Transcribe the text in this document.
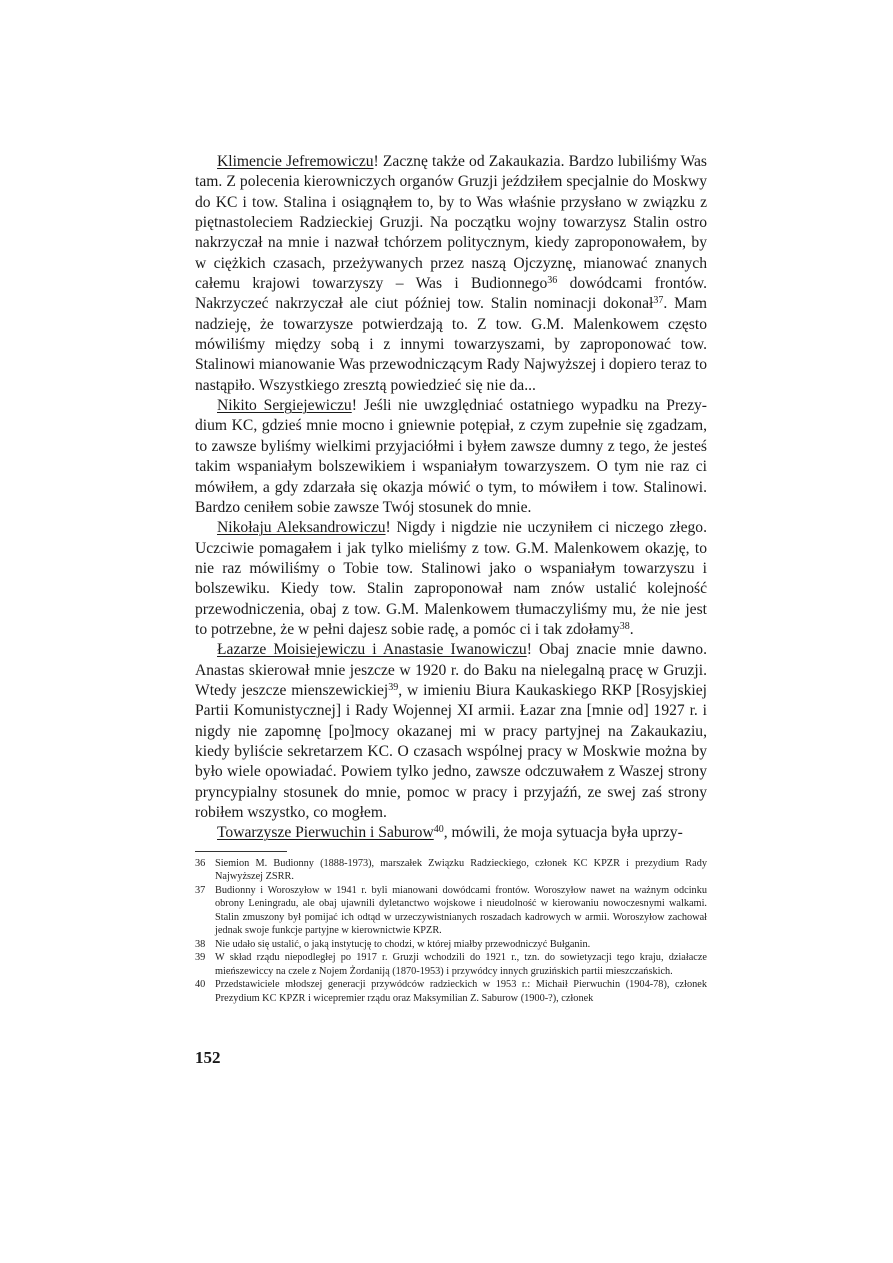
Klimencie Jefremowiczu! Zacznę także od Zakaukazia. Bardzo lubiliśmy Was tam. Z polecenia kierowniczych organów Gruzji jeździłem specjalnie do Moskwy do KC i tow. Stalina i osiągnąłem to, by to Was właśnie przysłano w związku z piętnastoleciem Radzieckiej Gruzji. Na początku wojny towarzysz Stalin ostro nakrzyczał na mnie i nazwał tchórzem politycznym, kiedy zaproponowałem, by w ciężkich czasach, przeżywanych przez naszą Ojczyznę, mianować znanych całemu krajowi towarzyszy – Was i Budionnego$^{36}$ dowódcami frontów. Nakrzyczeć nakrzyczał ale ciut później tow. Stalin nominacji dokonał$^{37}$. Mam nadzieję, że towarzysze potwierdzają to. Z tow. G.M. Malenkowem często mówiliśmy między sobą i z innymi towarzyszami, by zaproponować tow. Stalinowi mianowanie Was przewodniczącym Rady Najwyższej i dopiero teraz to nastąpiło. Wszystkiego zresztą powiedzieć się nie da...

Nikito Sergiejewiczu! Jeśli nie uwzględniać ostatniego wypadku na Prezydium KC, gdzieś mnie mocno i gniewnie potępiał, z czym zupełnie się zgadzam, to zawsze byliśmy wielkimi przyjaciółmi i byłem zawsze dumny z tego, że jesteś takim wspaniałym bolszewikiem i wspaniałym towarzyszem. O tym nie raz ci mówiłem, a gdy zdarzała się okazja mówić o tym, to mówiłem i tow. Stalinowi. Bardzo ceniłem sobie zawsze Twój stosunek do mnie.

Nikołaju Aleksandrowiczu! Nigdy i nigdzie nie uczyniłem ci niczego złego. Uczciwie pomagałem i jak tylko mieliśmy z tow. G.M. Malenkowem okazję, to nie raz mówiliśmy o Tobie tow. Stalinowi jako o wspaniałym towarzyszu i bolszewiku. Kiedy tow. Stalin zaproponował nam znów ustalić kolejność przewodniczenia, obaj z tow. G.M. Malenkowem tłumaczyliśmy mu, że nie jest to potrzebne, że w pełni dajesz sobie radę, a pomóc ci i tak zdołamy$^{38}$.

Łazarze Moisiejewiczu i Anastasie Iwanowiczu! Obaj znacie mnie dawno. Anastas skierował mnie jeszcze w 1920 r. do Baku na nielegalną pracę w Gruzji. Wtedy jeszcze mienszewickiej$^{39}$, w imieniu Biura Kaukaskiego RKP [Rosyjskiej Partii Komunistycznej] i Rady Wojennej XI armii. Łazar zna [mnie od] 1927 r. i nigdy nie zapomnę [po]mocy okazanej mi w pracy partyjnej na Zakaukaziu, kiedy byliście sekretarzem KC. O czasach wspólnej pracy w Moskwie można by było wiele opowiadać. Powiem tylko jedno, zawsze odczuwałem z Waszej strony pryncypialny stosunek do mnie, pomoc w pracy i przyjaźń, ze swej zaś strony robiłem wszystko, co mogłem.

Towarzysze Pierwuchin i Saburow$^{40}$, mówili, że moja sytuacja była uprzy-

36 Siemion M. Budionny (1888-1973), marszałek Związku Radzieckiego, członek KC KPZR i prezydium Rady Najwyższej ZSRR.
37 Budionny i Woroszyłow w 1941 r. byli mianowani dowódcami frontów. Woroszyłow nawet na ważnym odcinku obrony Leningradu, ale obaj ujawnili dyletanctwo wojskowe i nieudolność w kierowaniu nowoczesnymi walkami. Stalin zmuszony był pomijać ich odtąd w urzeczywistnianych roszadach kadrowych w armii. Woroszyłow zachował jednak swoje funkcje partyjne w kierownictwie KPZR.
38 Nie udało się ustalić, o jaką instytucję to chodzi, w której miałby przewodniczyć Bułganin.
39 W skład rządu niepodległej po 1917 r. Gruzji wchodzili do 1921 r., tzn. do sowietyzacji tego kraju, działacze mieńszewiccy na czele z Nojem Żordaniją (1870-1953) i przywódcy innych gruzińskich partii mieszczańskich.
40 Przedstawiciele młodszej generacji przywódców radzieckich w 1953 r.: Michaił Pierwuchin (1904-78), członek Prezydium KC KPZR i wicepremier rządu oraz Maksymilian Z. Saburow (1900-?), członek
152
